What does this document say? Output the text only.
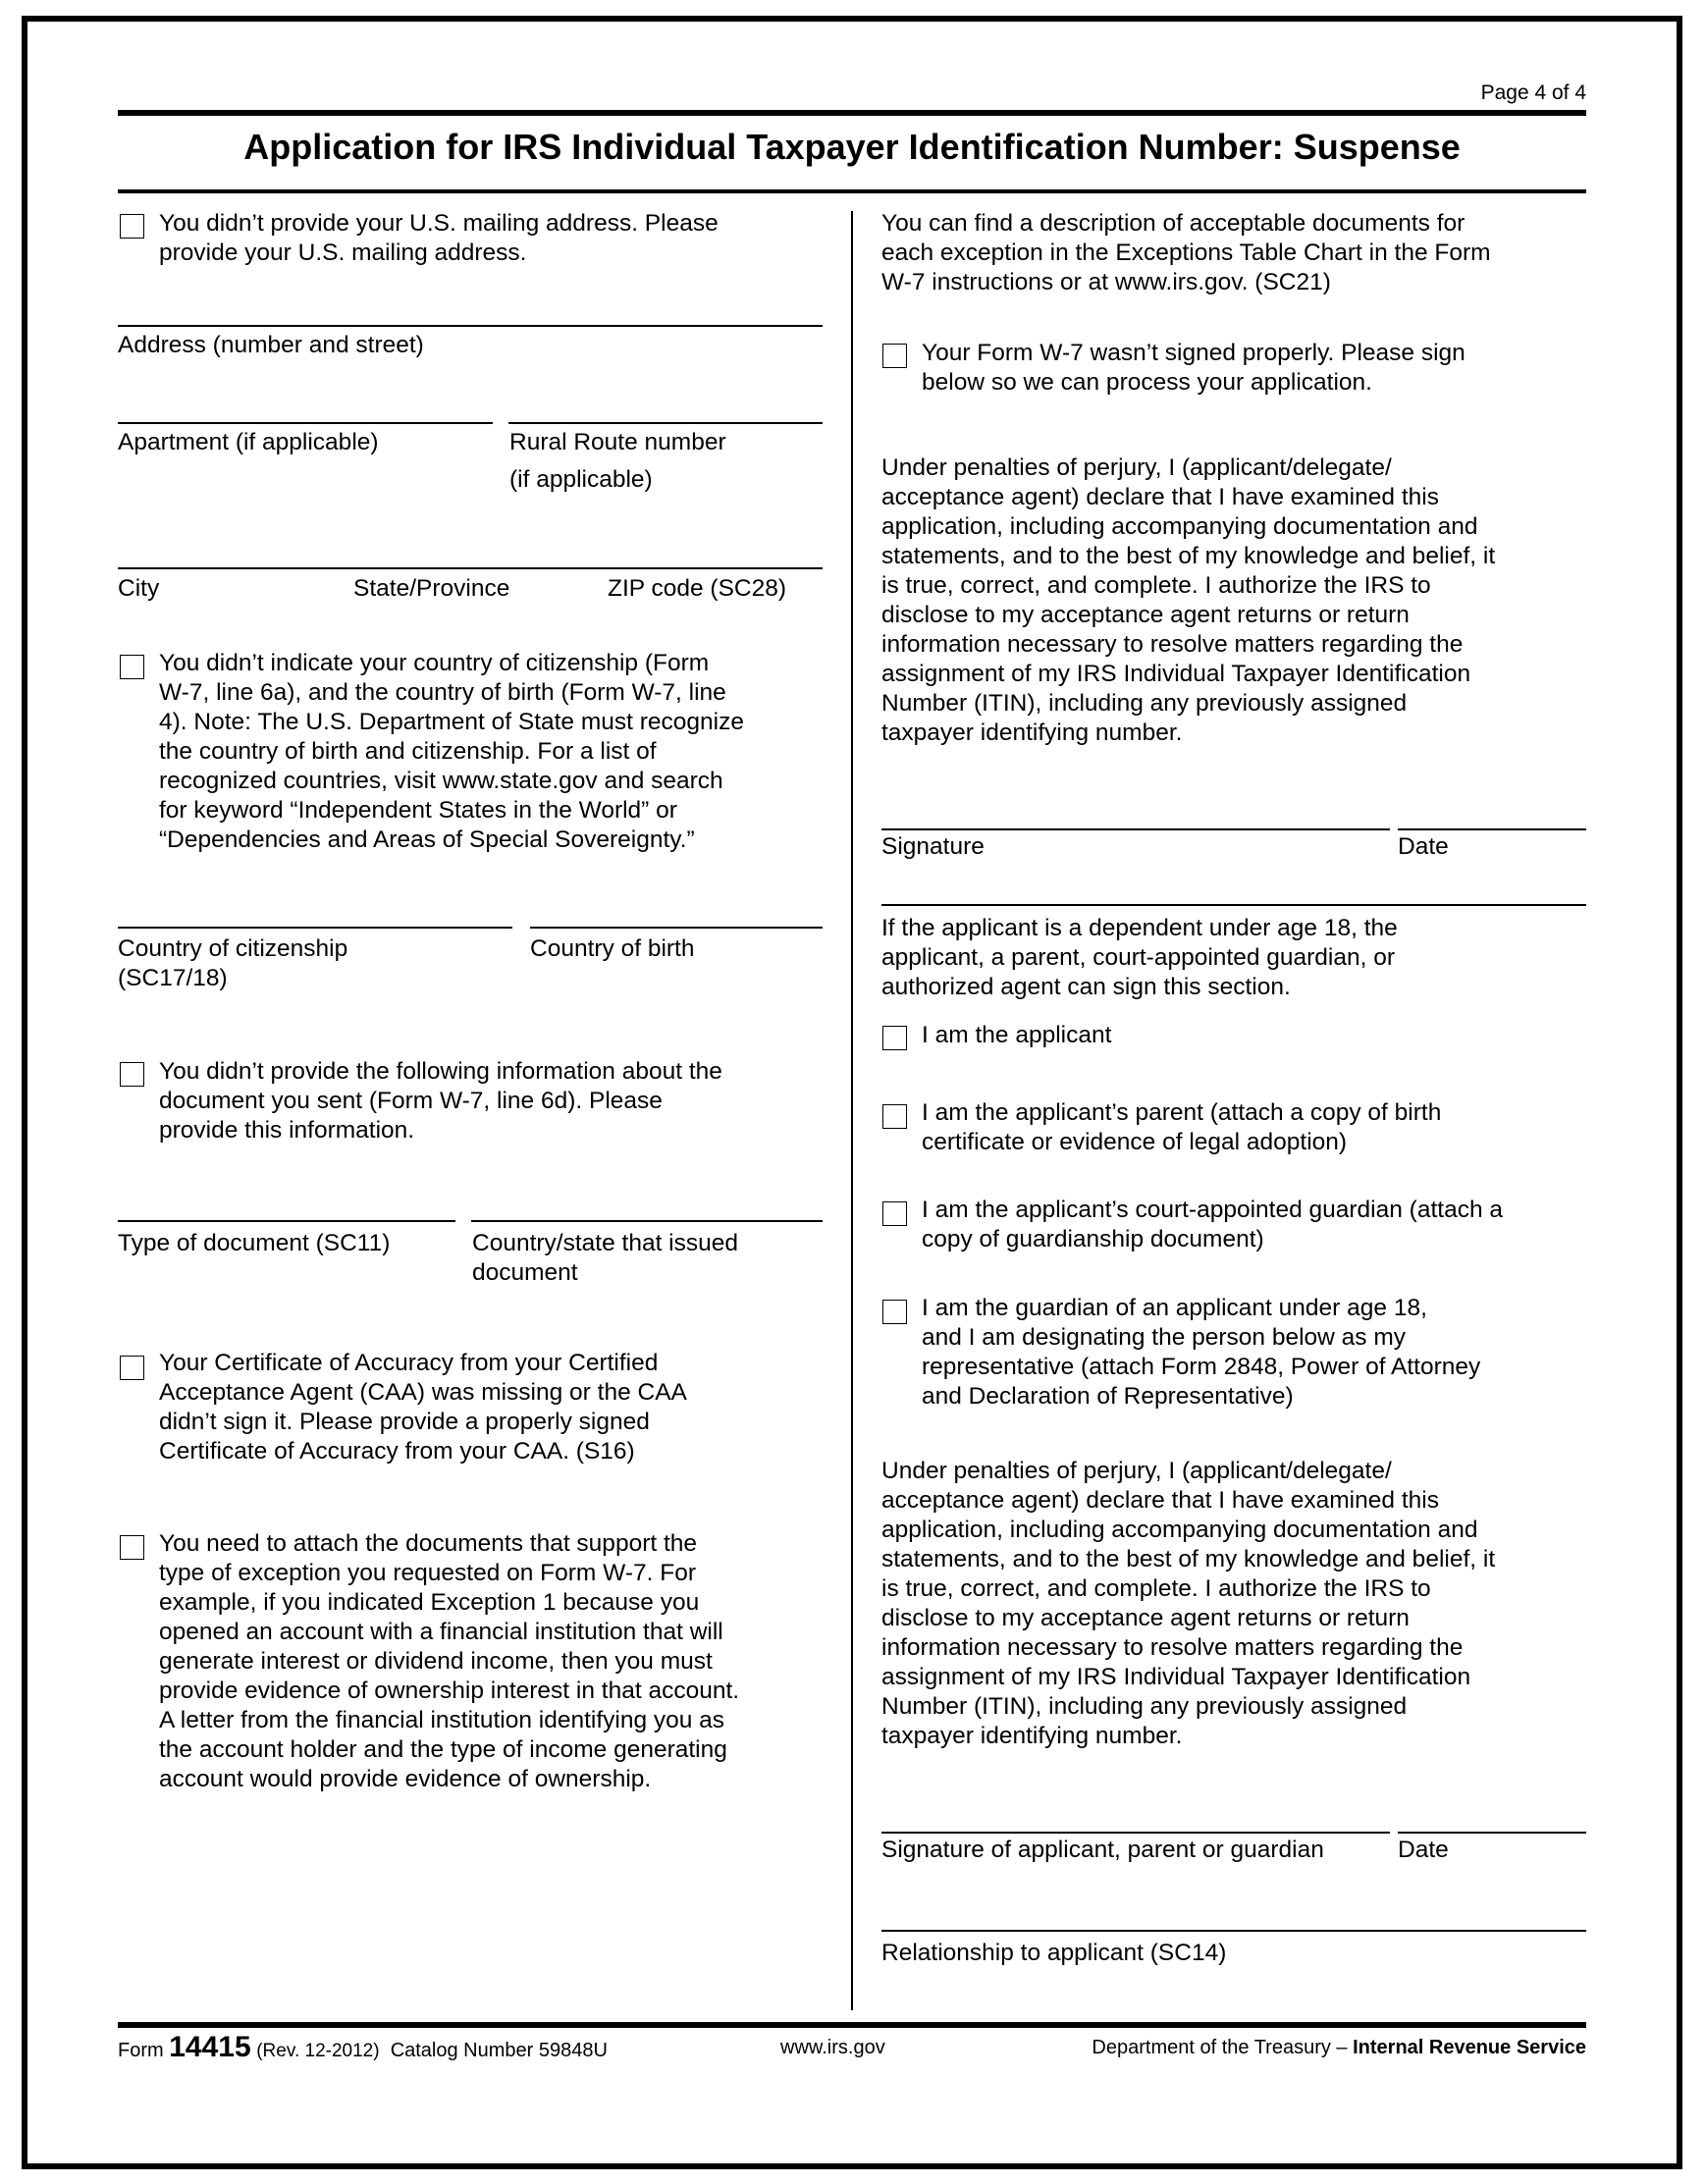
Page 4 of 4
Application for IRS Individual Taxpayer Identification Number: Suspense
You didn’t provide your U.S. mailing address. Please
provide your U.S. mailing address.
Address (number and street)
Apartment (if applicable)	Rural Route number
(if applicable)
City	State/Province	ZIP code (SC28)
You didn’t indicate your country of citizenship (Form
W-7, line 6a), and the country of birth (Form W-7, line
4). Note: The U.S. Department of State must recognize
the country of birth and citizenship. For a list of
recognized countries, visit www.state.gov and search
for keyword “Independent States in the World” or
“Dependencies and Areas of Special Sovereignty.”
Country of citizenship
(SC17/18)
Country of birth
You didn’t provide the following information about the
document you sent (Form W-7, line 6d). Please
provide this information.
Type of document (SC11)	Country/state that issued
document
Your Certificate of Accuracy from your Certified
Acceptance Agent (CAA) was missing or the CAA
didn’t sign it. Please provide a properly signed
Certificate of Accuracy from your CAA. (S16)
You need to attach the documents that support the
type of exception you requested on Form W-7. For
example, if you indicated Exception 1 because you
opened an account with a financial institution that will
generate interest or dividend income, then you must
provide evidence of ownership interest in that account.
A letter from the financial institution identifying you as
the account holder and the type of income generating
account would provide evidence of ownership.
You can find a description of acceptable documents for
each exception in the Exceptions Table Chart in the Form
W-7 instructions or at www.irs.gov. (SC21)
Your Form W-7 wasn’t signed properly. Please sign
below so we can process your application.
Under penalties of perjury, I (applicant/delegate/
acceptance agent) declare that I have examined this
application, including accompanying documentation and
statements, and to the best of my knowledge and belief, it
is true, correct, and complete. I authorize the IRS to
disclose to my acceptance agent returns or return
information necessary to resolve matters regarding the
assignment of my IRS Individual Taxpayer Identification
Number (ITIN), including any previously assigned
taxpayer identifying number.
Signature	Date
If the applicant is a dependent under age 18, the
applicant, a parent, court-appointed guardian, or
authorized agent can sign this section.
I am the applicant
I am the applicant’s parent (attach a copy of birth
certificate or evidence of legal adoption)
I am the applicant’s court-appointed guardian (attach a
copy of guardianship document)
I am the guardian of an applicant under age 18,
and I am designating the person below as my
representative (attach Form 2848, Power of Attorney
and Declaration of Representative)
Under penalties of perjury, I (applicant/delegate/
acceptance agent) declare that I have examined this
application, including accompanying documentation and
statements, and to the best of my knowledge and belief, it
is true, correct, and complete. I authorize the IRS to
disclose to my acceptance agent returns or return
information necessary to resolve matters regarding the
assignment of my IRS Individual Taxpayer Identification
Number (ITIN), including any previously assigned
taxpayer identifying number.
Signature of applicant, parent or guardian	Date
Relationship to applicant (SC14)
Form 14415 (Rev. 12-2012) Catalog Number 59848U	www.irs.gov	Department of the Treasury – Internal Revenue Service
